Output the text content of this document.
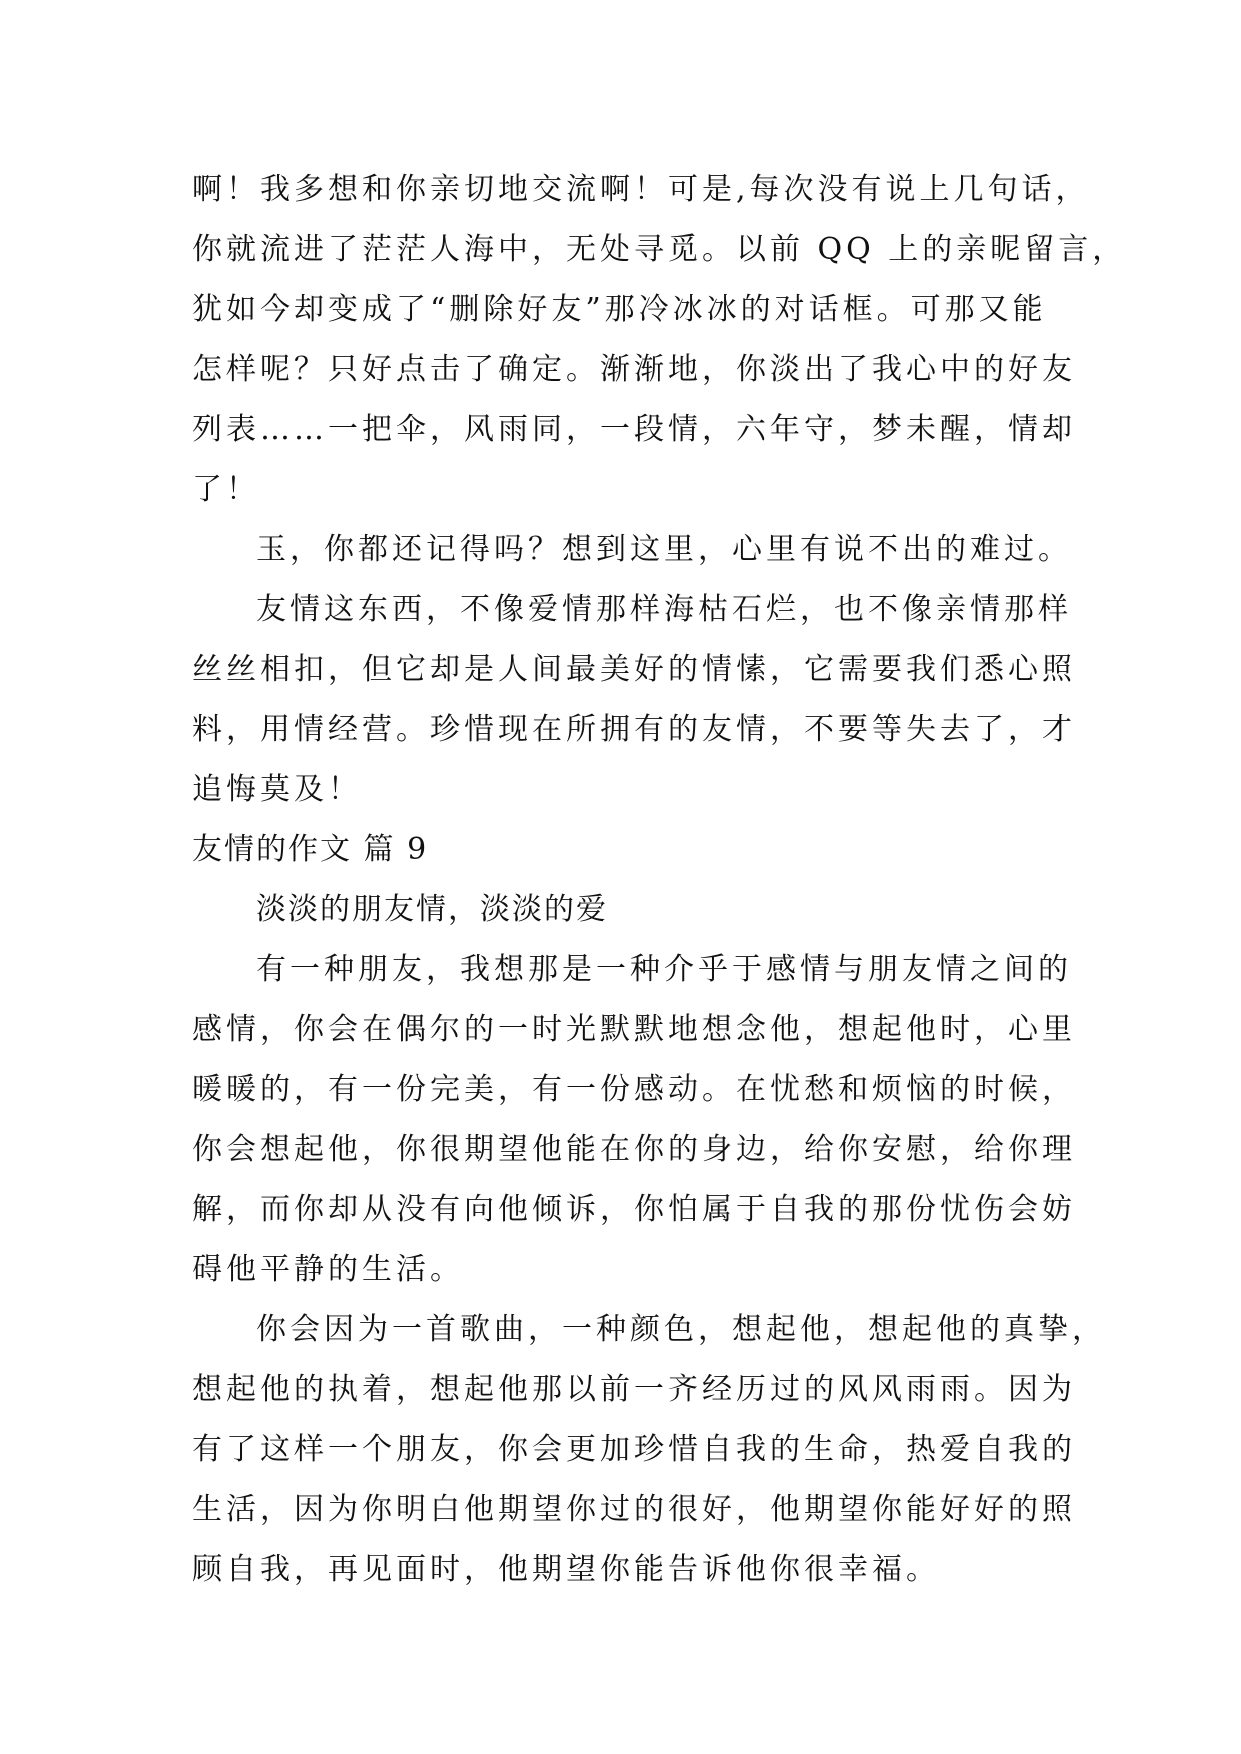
啊！我多想和你亲切地交流啊！可是,每次没有说上几句话，
你就流进了茫茫人海中，无处寻觅。以前 QQ 上的亲昵留言，
犹如今却变成了“删除好友”那冷冰冰的对话框。可那又能
怎样呢？只好点击了确定。渐渐地，你淡出了我心中的好友
列表……一把伞，风雨同，一段情，六年守，梦未醒，情却
了！
玉，你都还记得吗？想到这里，心里有说不出的难过。
友情这东西，不像爱情那样海枯石烂，也不像亲情那样
丝丝相扣，但它却是人间最美好的情愫，它需要我们悉心照
料，用情经营。珍惜现在所拥有的友情，不要等失去了，才
追悔莫及！
友情的作文 篇 9
淡淡的朋友情，淡淡的爱
有一种朋友，我想那是一种介乎于感情与朋友情之间的
感情，你会在偶尔的一时光默默地想念他，想起他时，心里
暖暖的，有一份完美，有一份感动。在忧愁和烦恼的时候，
你会想起他，你很期望他能在你的身边，给你安慰，给你理
解，而你却从没有向他倾诉，你怕属于自我的那份忧伤会妨
碍他平静的生活。
你会因为一首歌曲，一种颜色，想起他，想起他的真挚，
想起他的执着，想起他那以前一齐经历过的风风雨雨。因为
有了这样一个朋友，你会更加珍惜自我的生命，热爱自我的
生活，因为你明白他期望你过的很好，他期望你能好好的照
顾自我，再见面时，他期望你能告诉他你很幸福。
